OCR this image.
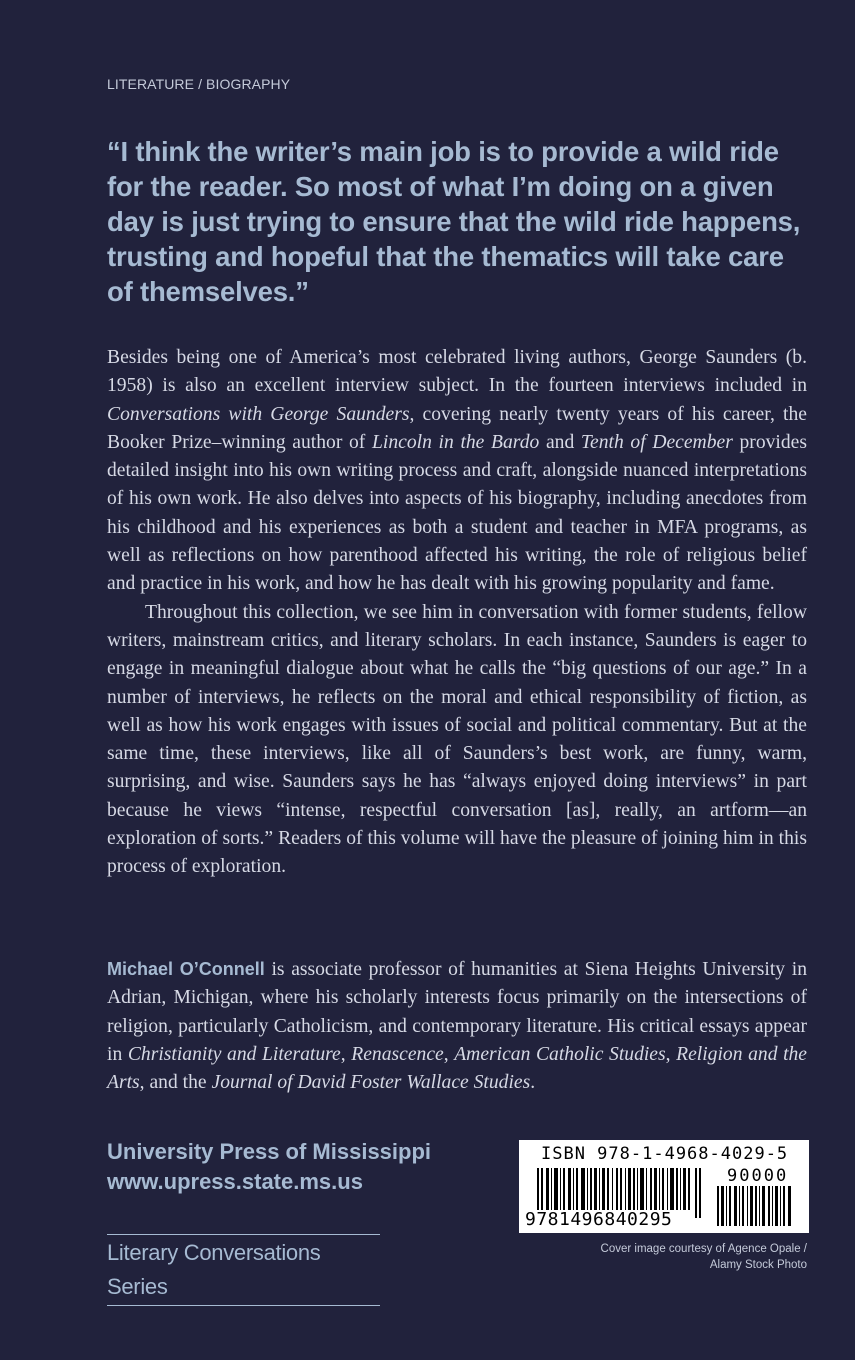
LITERATURE / BIOGRAPHY
“I think the writer’s main job is to provide a wild ride for the reader. So most of what I’m doing on a given day is just trying to ensure that the wild ride happens, trusting and hopeful that the thematics will take care of themselves.”

Besides being one of America’s most celebrated living authors, George Saunders (b. 1958) is also an excellent interview subject. In the fourteen interviews included in Conversations with George Saunders, covering nearly twenty years of his career, the Booker Prize–winning author of Lincoln in the Bardo and Tenth of December provides detailed insight into his own writing process and craft, alongside nuanced interpretations of his own work. He also delves into aspects of his biography, including anecdotes from his childhood and his experiences as both a student and teacher in MFA programs, as well as reflections on how parenthood affected his writing, the role of religious belief and practice in his work, and how he has dealt with his growing popularity and fame.

Throughout this collection, we see him in conversation with former students, fellow writers, mainstream critics, and literary scholars. In each instance, Saunders is eager to engage in meaningful dialogue about what he calls the “big questions of our age.” In a number of interviews, he reflects on the moral and ethical responsibility of fiction, as well as how his work engages with issues of social and political commentary. But at the same time, these interviews, like all of Saunders’s best work, are funny, warm, surprising, and wise. Saunders says he has “always enjoyed doing interviews” in part because he views “intense, respectful conversation [as], really, an artform—an exploration of sorts.” Readers of this volume will have the pleasure of joining him in this process of exploration.

Michael O’Connell is associate professor of humanities at Siena Heights University in Adrian, Michigan, where his scholarly interests focus primarily on the intersections of religion, particularly Catholicism, and contemporary literature. His critical essays appear in Christianity and Literature, Renascence, American Catholic Studies, Religion and the Arts, and the Journal of David Foster Wallace Studies.
University Press of Mississippi
www.upress.state.ms.us
Literary Conversations Series
ISBN 978-1-4968-4029-5
90000
9781496840295
Cover image courtesy of Agence Opale /
Alamy Stock Photo
